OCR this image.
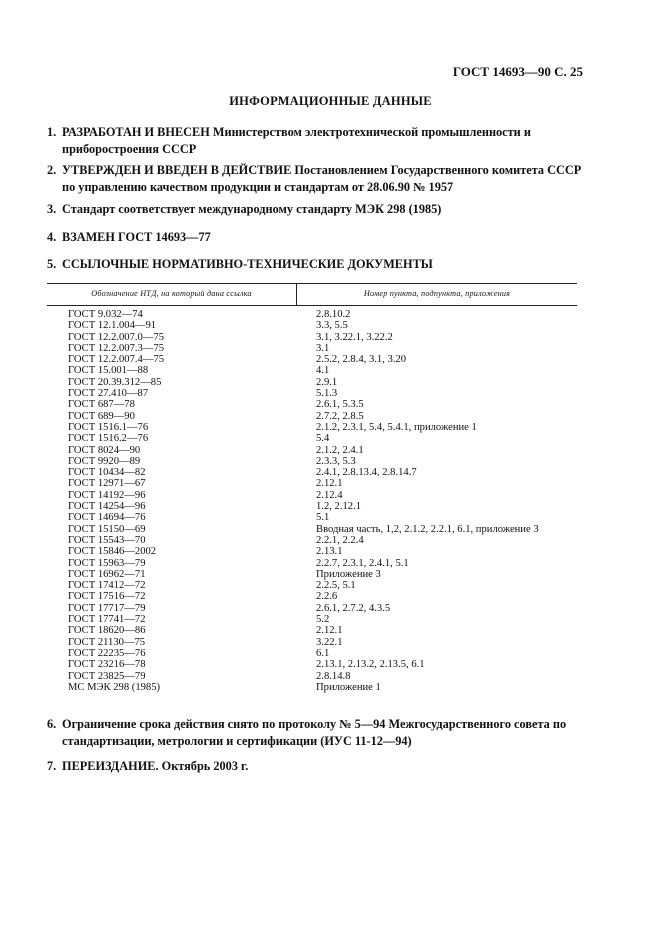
ГОСТ 14693—90 С. 25
ИНФОРМАЦИОННЫЕ ДАННЫЕ
1. РАЗРАБОТАН И ВНЕСЕН Министерством электротехнической промышленности и приборостроения СССР
2. УТВЕРЖДЕН И ВВЕДЕН В ДЕЙСТВИЕ Постановлением Государственного комитета СССР по управлению качеством продукции и стандартам от 28.06.90 № 1957
3. Стандарт соответствует международному стандарту МЭК 298 (1985)
4. ВЗАМЕН ГОСТ 14693—77
5. ССЫЛОЧНЫЕ НОРМАТИВНО-ТЕХНИЧЕСКИЕ ДОКУМЕНТЫ
Обозначение НТД, на который дана ссылка	Номер пункта, подпункта, приложения
ГОСТ 9.032—74	2.8.10.2
ГОСТ 12.1.004—91	3.3, 5.5
ГОСТ 12.2.007.0—75	3.1, 3.22.1, 3.22.2
ГОСТ 12.2.007.3—75	3.1
ГОСТ 12.2.007.4—75	2.5.2, 2.8.4, 3.1, 3.20
ГОСТ 15.001—88	4.1
ГОСТ 20.39.312—85	2.9.1
ГОСТ 27.410—87	5.1.3
ГОСТ 687—78	2.6.1, 5.3.5
ГОСТ 689—90	2.7.2, 2.8.5
ГОСТ 1516.1—76	2.1.2, 2.3.1, 5.4, 5.4.1, приложение 1
ГОСТ 1516.2—76	5.4
ГОСТ 8024—90	2.1.2, 2.4.1
ГОСТ 9920—89	2.3.3, 5.3
ГОСТ 10434—82	2.4.1, 2.8.13.4, 2.8.14.7
ГОСТ 12971—67	2.12.1
ГОСТ 14192—96	2.12.4
ГОСТ 14254—96	1.2, 2.12.1
ГОСТ 14694—76	5.1
ГОСТ 15150—69	Вводная часть, 1,2, 2.1.2, 2.2.1, 6.1, приложение 3
ГОСТ 15543—70	2.2.1, 2.2.4
ГОСТ 15846—2002	2.13.1
ГОСТ 15963—79	2.2.7, 2.3.1, 2.4.1, 5.1
ГОСТ 16962—71	Приложение 3
ГОСТ 17412—72	2.2.5, 5.1
ГОСТ 17516—72	2.2.6
ГОСТ 17717—79	2.6.1, 2.7.2, 4.3.5
ГОСТ 17741—72	5.2
ГОСТ 18620—86	2.12.1
ГОСТ 21130—75	3.22.1
ГОСТ 22235—76	6.1
ГОСТ 23216—78	2.13.1, 2.13.2, 2.13.5, 6.1
ГОСТ 23825—79	2.8.14.8
МС МЭК 298 (1985)	Приложение 1
6. Ограничение срока действия снято по протоколу № 5—94 Межгосударственного совета по стандартизации, метрологии и сертификации (ИУС 11-12—94)
7. ПЕРЕИЗДАНИЕ. Октябрь 2003 г.
